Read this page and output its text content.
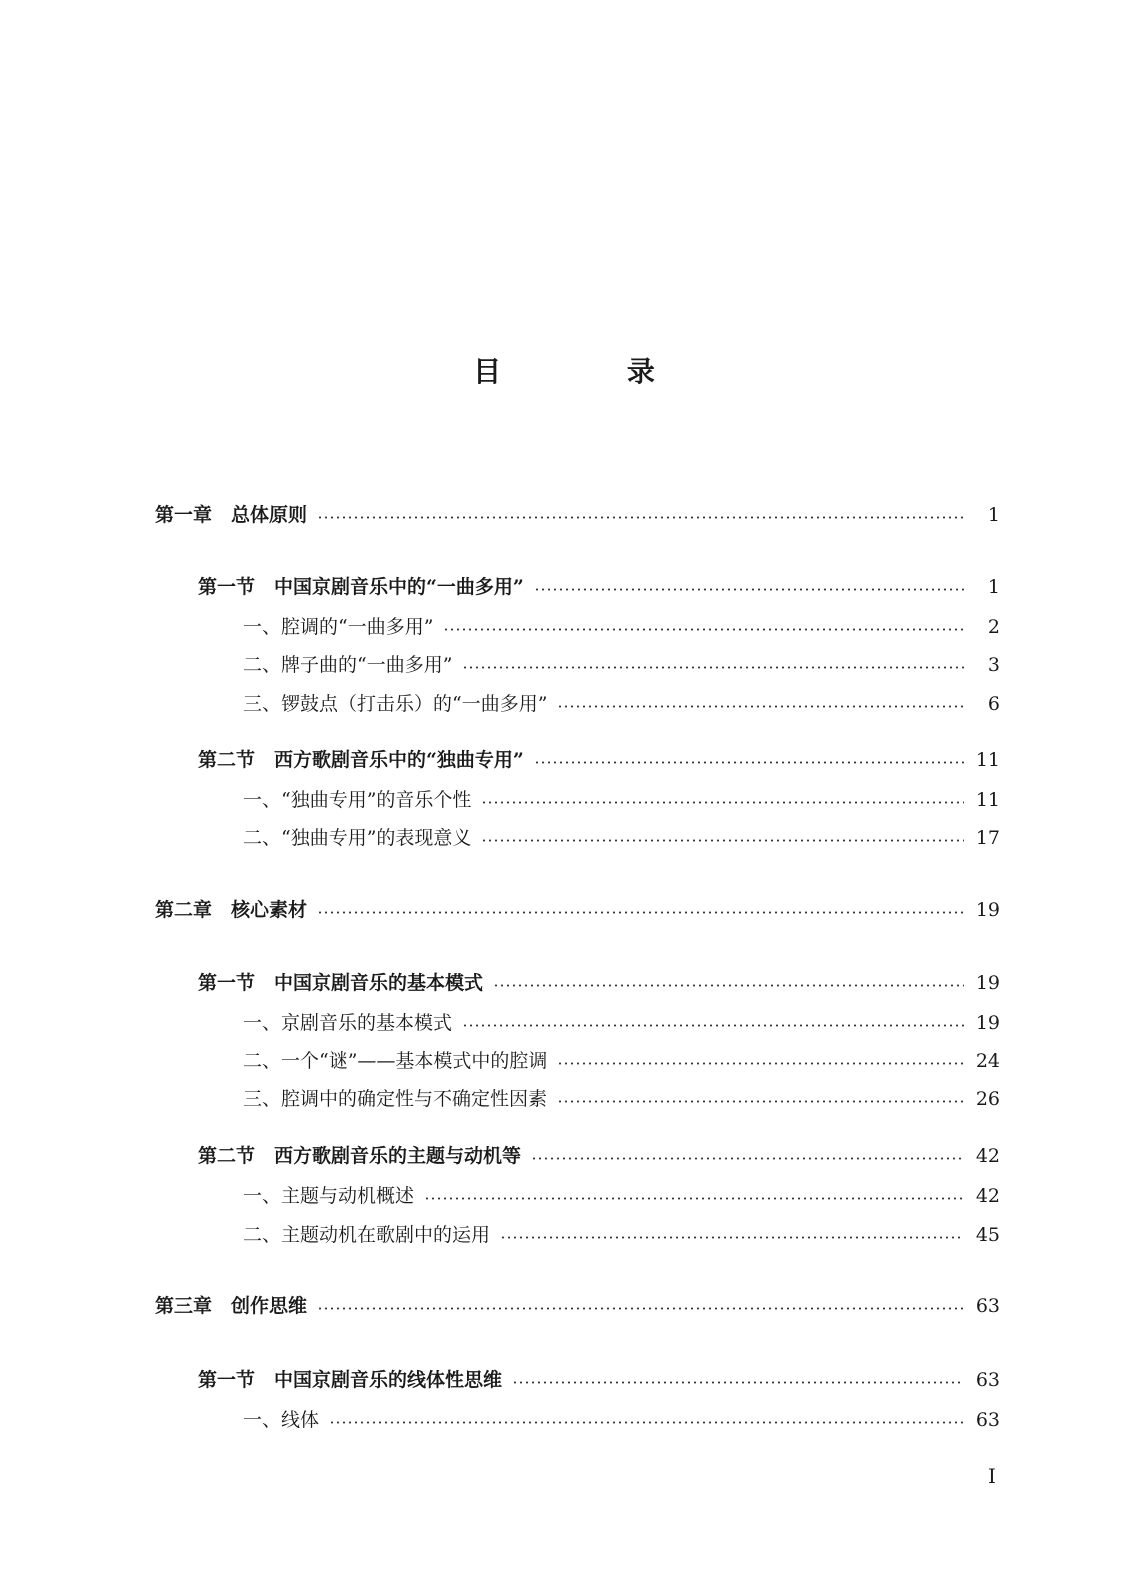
目 录
第一章　总体原则	1
第一节　中国京剧音乐中的“一曲多用”	1
一、腔调的“一曲多用”	2
二、牌子曲的“一曲多用”	3
三、锣鼓点（打击乐）的“一曲多用”	6
第二节　西方歌剧音乐中的“独曲专用”	11
一、“独曲专用”的音乐个性	11
二、“独曲专用”的表现意义	17
第二章　核心素材	19
第一节　中国京剧音乐的基本模式	19
一、京剧音乐的基本模式	19
二、一个“谜”——基本模式中的腔调	24
三、腔调中的确定性与不确定性因素	26
第二节　西方歌剧音乐的主题与动机等	42
一、主题与动机概述	42
二、主题动机在歌剧中的运用	45
第三章　创作思维	63
第一节　中国京剧音乐的线体性思维	63
一、线体	63
I
